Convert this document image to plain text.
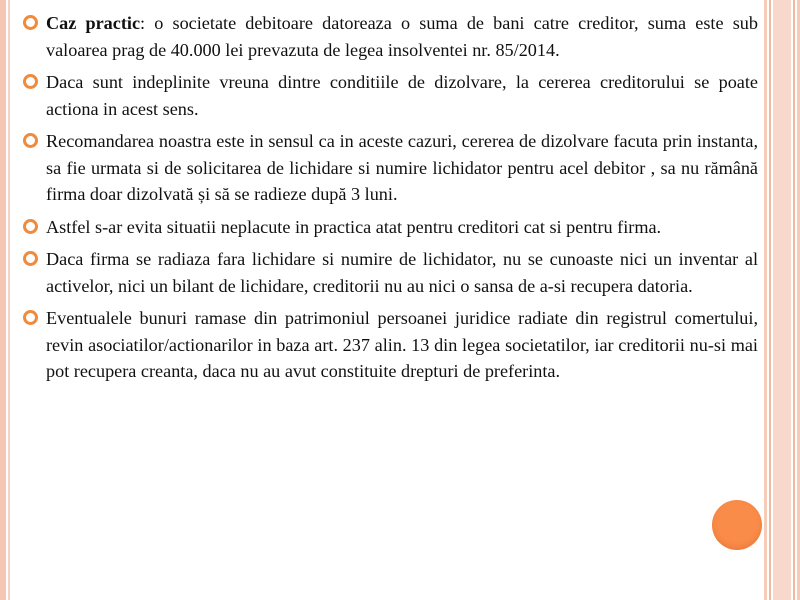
Caz practic: o societate debitoare datoreaza o suma de bani catre creditor, suma este sub valoarea prag de 40.000 lei prevazuta de legea insolventei nr. 85/2014.
Daca sunt indeplinite vreuna dintre conditiile de dizolvare, la cererea creditorului se poate actiona in acest sens.
Recomandarea noastra este in sensul ca in aceste cazuri, cererea de dizolvare facuta prin instanta, sa fie urmata si de solicitarea de lichidare si numire lichidator pentru acel debitor , sa nu rămână firma doar dizolvată și să se radieze după 3 luni.
Astfel s-ar evita situatii neplacute in practica atat pentru creditori cat si pentru firma.
Daca firma se radiaza fara lichidare si numire de lichidator, nu se cunoaste nici un inventar al activelor, nici un bilant de lichidare, creditorii nu au nici o sansa de a-si recupera datoria.
Eventualele bunuri ramase din patrimoniul persoanei juridice radiate din registrul comertului, revin asociatilor/actionarilor in baza art. 237 alin. 13 din legea societatilor, iar creditorii nu-si mai pot recupera creanta, daca nu au avut constituite drepturi de preferinta.
